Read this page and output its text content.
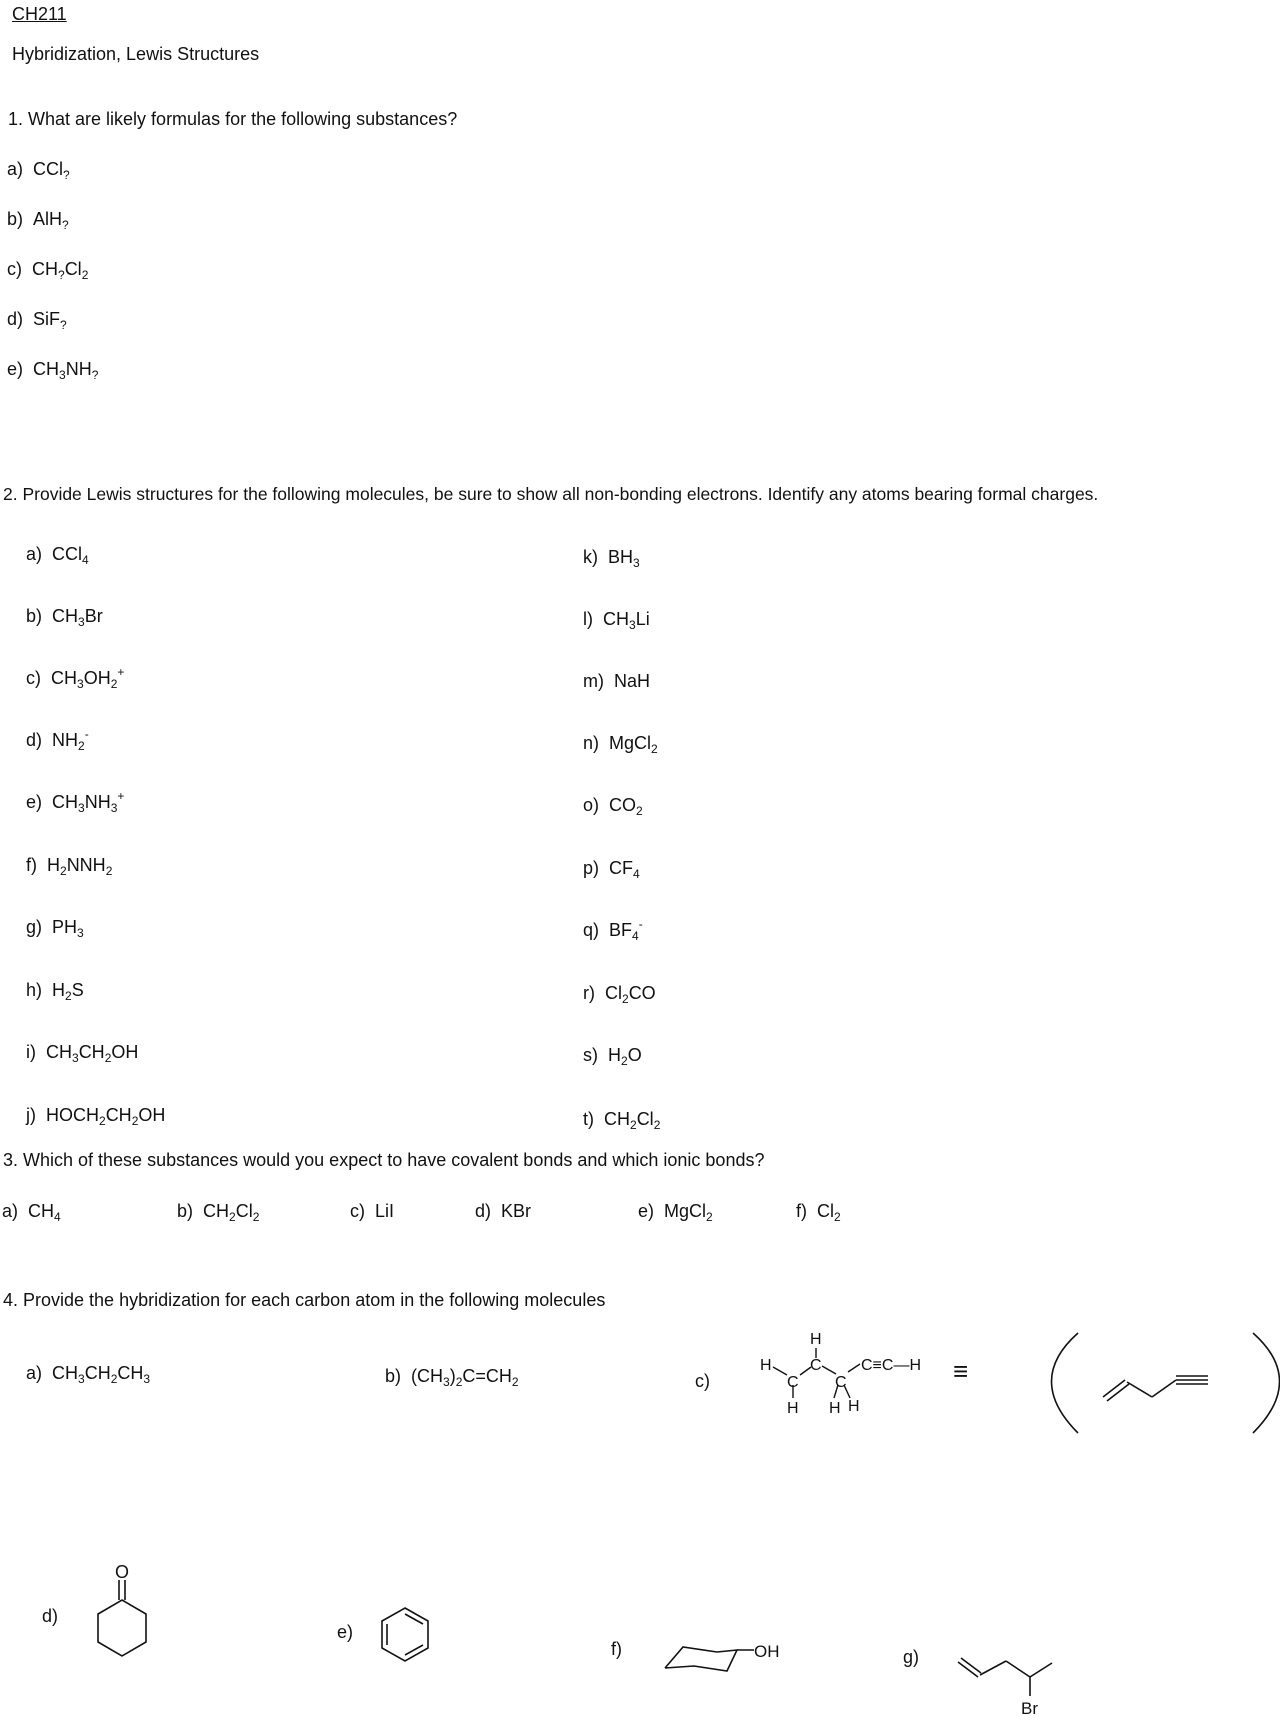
CH211
Hybridization, Lewis Structures
1. What are likely formulas for the following substances?
a)  CCl$_?$
b)  AlH$_?$
c)  $CH_?Cl_2$
d)  SiF$_?$
e)  $CH_3NH_?$
2. Provide Lewis structures for the following molecules, be sure to show all non-bonding electrons. Identify any atoms bearing formal charges.
a)  CCl$_4$
b)  $CH_3Br$
c)  $CH_3OH_2^+$
d)  $NH_2^-$
e)  $CH_3NH_3^+$
f)  $H_2NNH_2$
g)  $PH_3$
h)  $H_2S$
i)  $CH_3CH_2OH$
j)  $HOCH_2CH_2OH$
k)  $BH_3$
l)  $CH_3Li$
m)  NaH
n)  MgCl$_2$
o)  $CO_2$
p)  $CF_4$
q)  $BF_4^-$
r)  $Cl_2CO$
s)  $H_2O$
t)  $CH_2Cl_2$
3. Which of these substances would you expect to have covalent bonds and which ionic bonds?
a)  $CH_4$	b)  $CH_2Cl_2$	c)  LiI	d)  KBr	e)  MgCl$_2$	f)  $Cl_2$
4. Provide the hybridization for each carbon atom in the following molecules
a)  $CH_3CH_2CH_3$	b)  $(CH_3)_2C=CH_2$	c)
H
C
H
C
H
C
H H
C≡C—H ≡
d)
O
e)
f)	OH	g)
Br
